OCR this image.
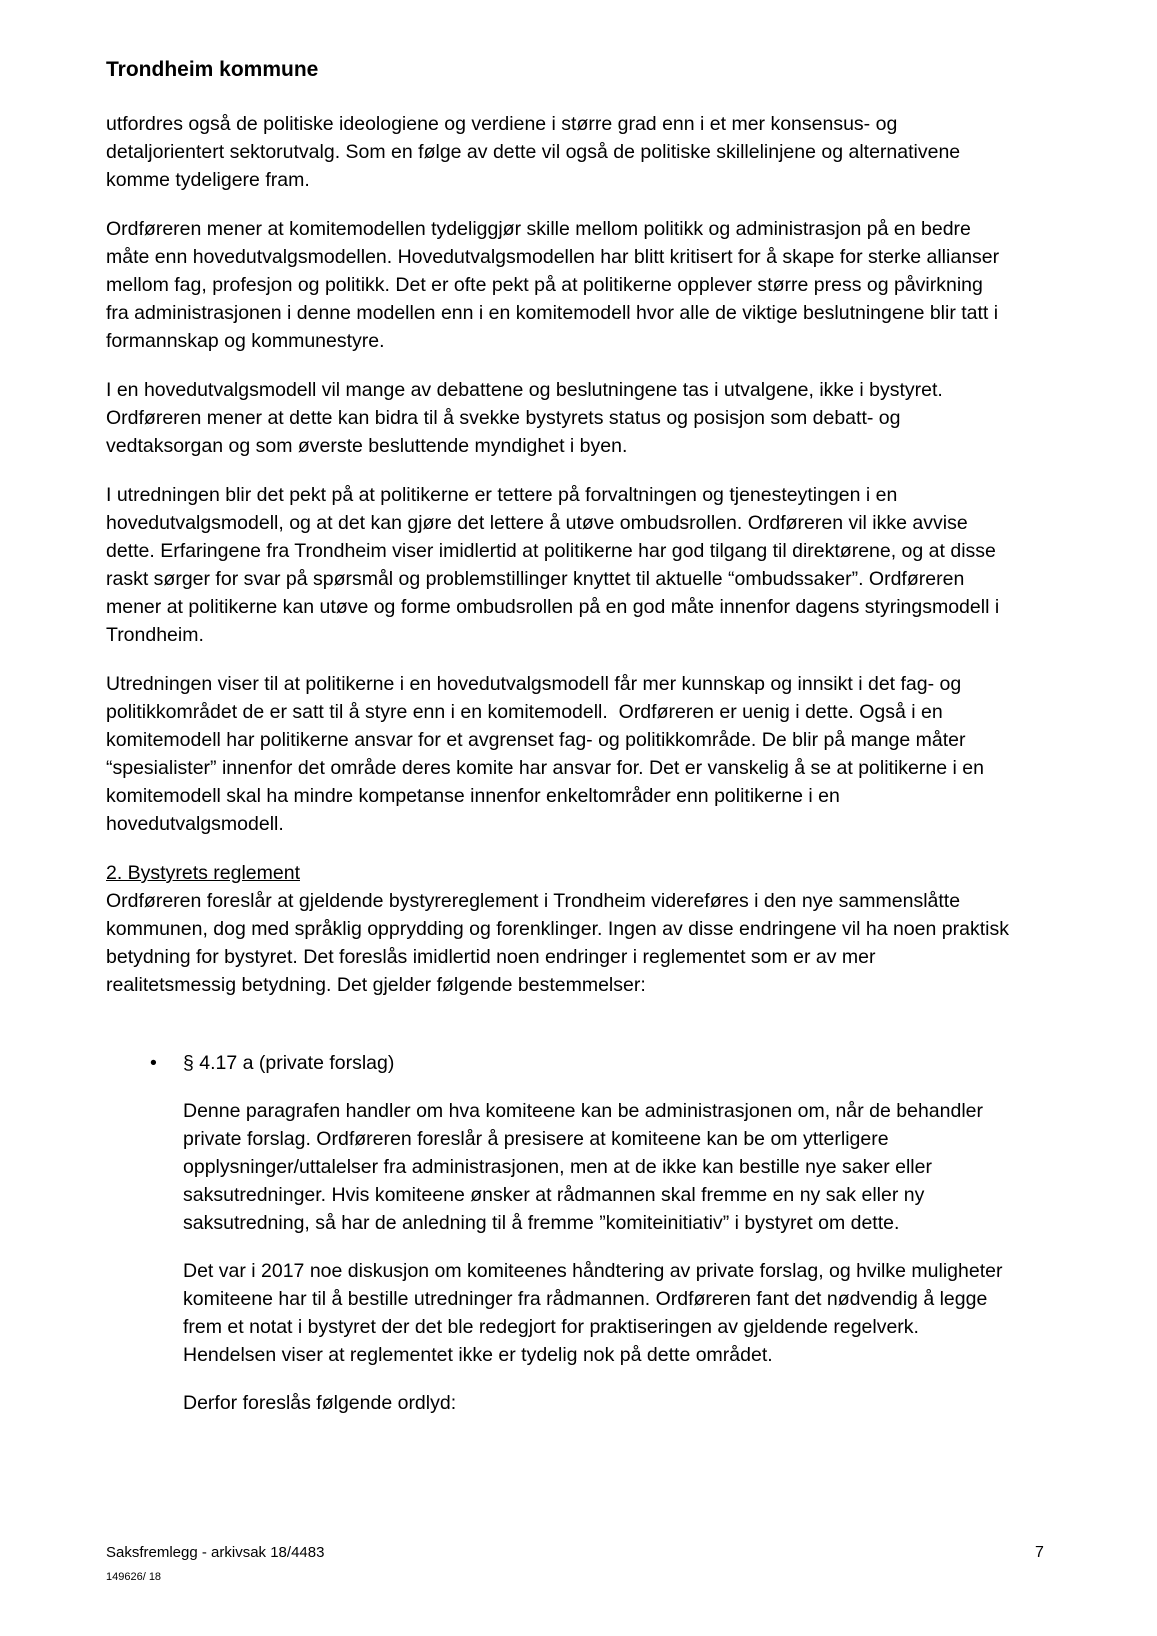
Trondheim kommune

utfordres også de politiske ideologiene og verdiene i større grad enn i et mer konsensus- og detaljorientert sektorutvalg. Som en følge av dette vil også de politiske skillelinjene og alternativene komme tydeligere fram.

Ordføreren mener at komitemodellen tydeliggjør skille mellom politikk og administrasjon på en bedre måte enn hovedutvalgsmodellen. Hovedutvalgsmodellen har blitt kritisert for å skape for sterke allianser mellom fag, profesjon og politikk. Det er ofte pekt på at politikerne opplever større press og påvirkning fra administrasjonen i denne modellen enn i en komitemodell hvor alle de viktige beslutningene blir tatt i formannskap og kommunestyre.

I en hovedutvalgsmodell vil mange av debattene og beslutningene tas i utvalgene, ikke i bystyret. Ordføreren mener at dette kan bidra til å svekke bystyrets status og posisjon som debatt- og vedtaksorgan og som øverste besluttende myndighet i byen.

I utredningen blir det pekt på at politikerne er tettere på forvaltningen og tjenesteytingen i en hovedutvalgsmodell, og at det kan gjøre det lettere å utøve ombudsrollen. Ordføreren vil ikke avvise dette. Erfaringene fra Trondheim viser imidlertid at politikerne har god tilgang til direktørene, og at disse raskt sørger for svar på spørsmål og problemstillinger knyttet til aktuelle “ombudssaker”. Ordføreren mener at politikerne kan utøve og forme ombudsrollen på en god måte innenfor dagens styringsmodell i Trondheim.

Utredningen viser til at politikerne i en hovedutvalgsmodell får mer kunnskap og innsikt i det fag- og politikkområdet de er satt til å styre enn i en komitemodell.  Ordføreren er uenig i dette. Også i en komitemodell har politikerne ansvar for et avgrenset fag- og politikkområde. De blir på mange måter “spesialister” innenfor det område deres komite har ansvar for. Det er vanskelig å se at politikerne i en komitemodell skal ha mindre kompetanse innenfor enkeltområder enn politikerne i en hovedutvalgsmodell.

2. Bystyrets reglement

Ordføreren foreslår at gjeldende bystyrereglement i Trondheim videreføres i den nye sammenslåtte kommunen, dog med språklig opprydding og forenklinger. Ingen av disse endringene vil ha noen praktisk betydning for bystyret. Det foreslås imidlertid noen endringer i reglementet som er av mer realitetsmessig betydning. Det gjelder følgende bestemmelser:

• § 4.17 a (private forslag)

Denne paragrafen handler om hva komiteene kan be administrasjonen om, når de behandler private forslag. Ordføreren foreslår å presisere at komiteene kan be om ytterligere opplysninger/uttalelser fra administrasjonen, men at de ikke kan bestille nye saker eller saksutredninger. Hvis komiteene ønsker at rådmannen skal fremme en ny sak eller ny saksutredning, så har de anledning til å fremme ”komiteinitiativ” i bystyret om dette.

Det var i 2017 noe diskusjon om komiteenes håndtering av private forslag, og hvilke muligheter komiteene har til å bestille utredninger fra rådmannen. Ordføreren fant det nødvendig å legge frem et notat i bystyret der det ble redegjort for praktiseringen av gjeldende regelverk. Hendelsen viser at reglementet ikke er tydelig nok på dette området.

Derfor foreslås følgende ordlyd:

Saksfremlegg - arkivsak 18/4483
149626/ 18
7
